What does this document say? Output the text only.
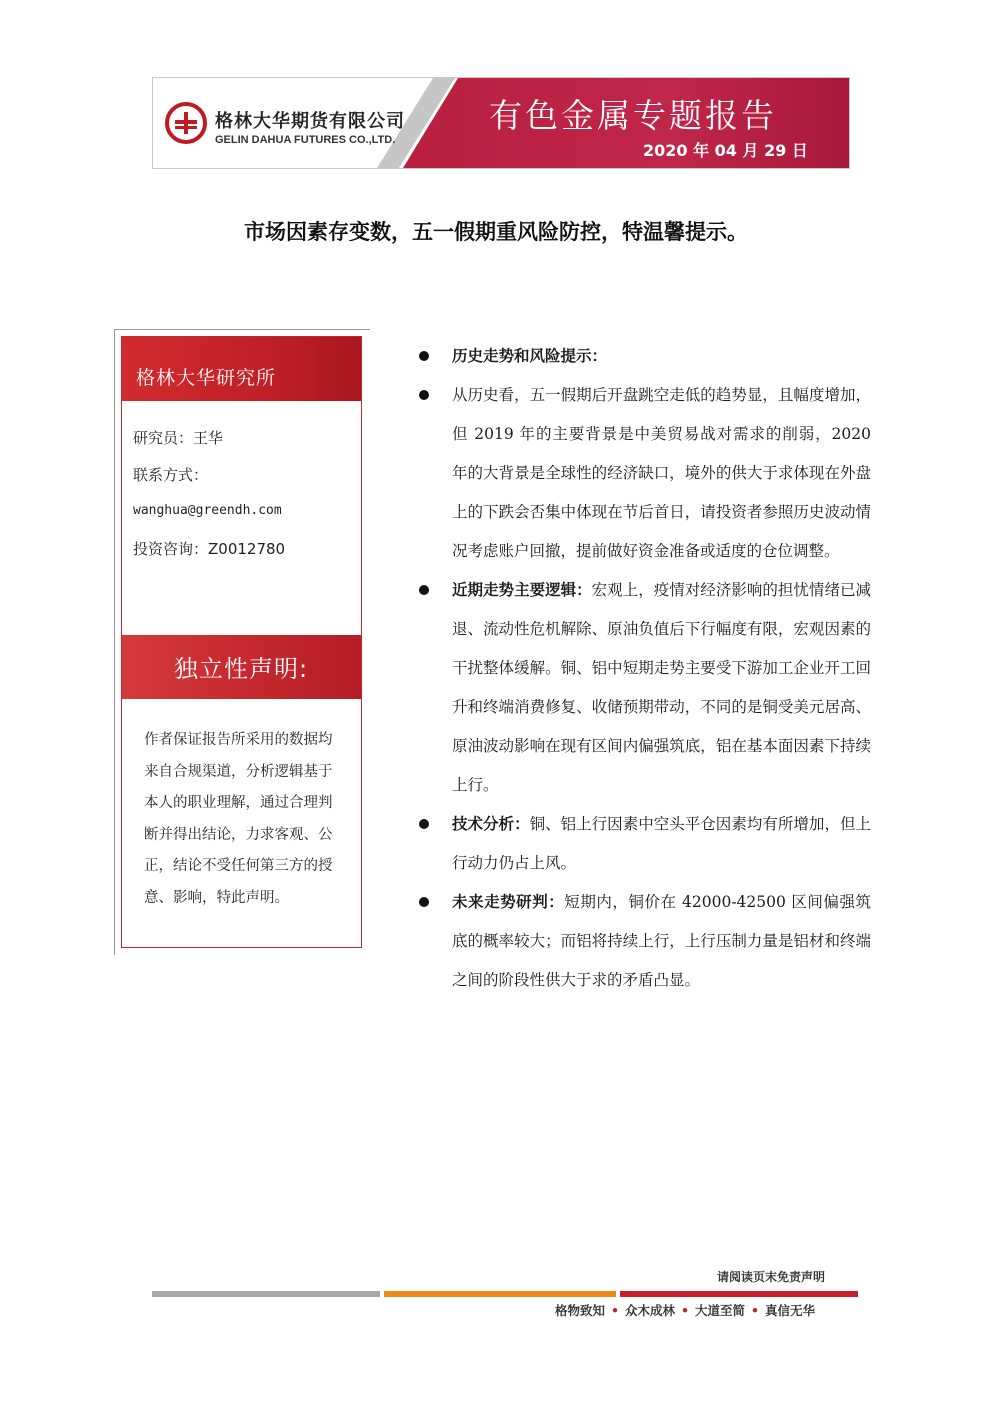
格林大华期货有限公司
GELIN DAHUA FUTURES CO.,LTD.
有色金属专题报告
2020 年 04 月 29 日
市场因素存变数，五一假期重风险防控，特温馨提示。
格林大华研究所
研究员：王华
联系方式：
wanghua@greendh.com
投资咨询：Z0012780
独立性声明:
作者保证报告所采用的数据均来自合规渠道，分析逻辑基于本人的职业理解，通过合理判断并得出结论，力求客观、公正，结论不受任何第三方的授意、影响，特此声明。
历史走势和风险提示：
从历史看，五一假期后开盘跳空走低的趋势显，且幅度增加，但 2019 年的主要背景是中美贸易战对需求的削弱，2020 年的大背景是全球性的经济缺口，境外的供大于求体现在外盘上的下跌会否集中体现在节后首日，请投资者参照历史波动情况考虑账户回撤，提前做好资金准备或适度的仓位调整。
近期走势主要逻辑：宏观上，疫情对经济影响的担忧情绪已减退、流动性危机解除、原油负值后下行幅度有限，宏观因素的干扰整体缓解。铜、铝中短期走势主要受下游加工企业开工回升和终端消费修复、收储预期带动，不同的是铜受美元居高、原油波动影响在现有区间内偏强筑底，铝在基本面因素下持续上行。
技术分析：铜、铝上行因素中空头平仓因素均有所增加，但上行动力仍占上风。
未来走势研判：短期内，铜价在 42000-42500 区间偏强筑底的概率较大；而铝将持续上行，上行压制力量是铝材和终端之间的阶段性供大于求的矛盾凸显。
请阅读页末免责声明
格物致知 • 众木成林 • 大道至简 • 真信无华
